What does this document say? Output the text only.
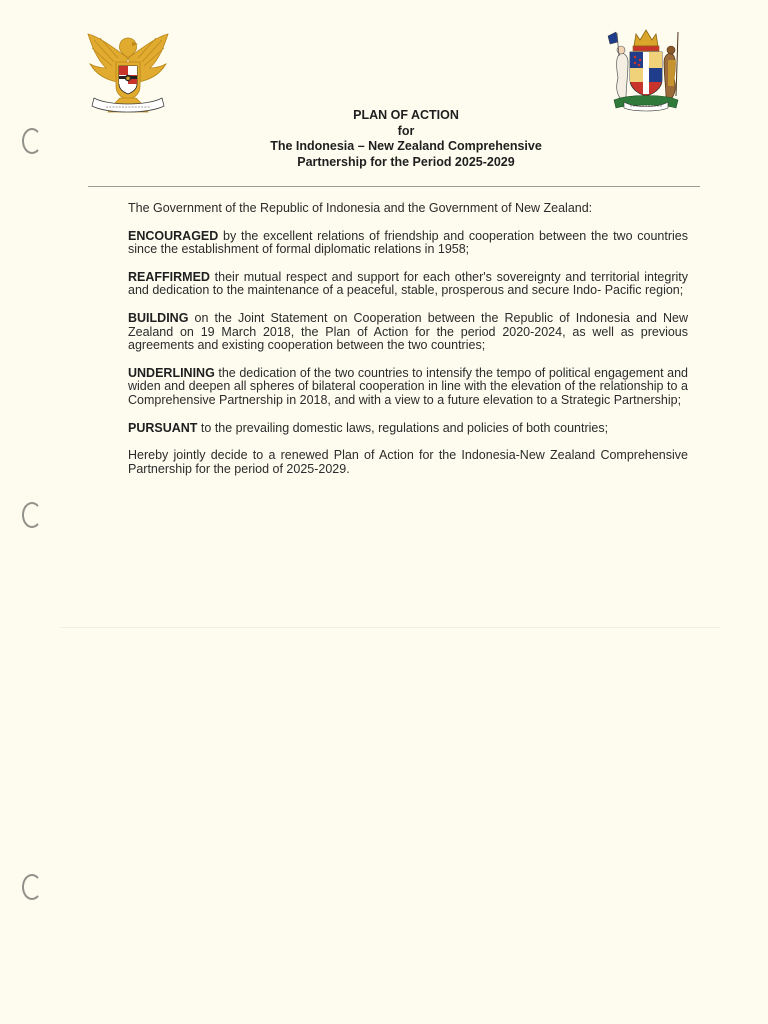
PLAN OF ACTION
for
The Indonesia – New Zealand Comprehensive
Partnership for the Period 2025-2029

The Government of the Republic of Indonesia and the Government of New Zealand:

ENCOURAGED by the excellent relations of friendship and cooperation between the two countries since the establishment of formal diplomatic relations in 1958;

REAFFIRMED their mutual respect and support for each other's sovereignty and territorial integrity and dedication to the maintenance of a peaceful, stable, prosperous and secure Indo- Pacific region;

BUILDING on the Joint Statement on Cooperation between the Republic of Indonesia and New Zealand on 19 March 2018, the Plan of Action for the period 2020-2024, as well as previous agreements and existing cooperation between the two countries;

UNDERLINING the dedication of the two countries to intensify the tempo of political engagement and widen and deepen all spheres of bilateral cooperation in line with the elevation of the relationship to a Comprehensive Partnership in 2018, and with a view to a future elevation to a Strategic Partnership;

PURSUANT to the prevailing domestic laws, regulations and policies of both countries;

Hereby jointly decide to a renewed Plan of Action for the Indonesia-New Zealand Comprehensive Partnership for the period of 2025-2029.
